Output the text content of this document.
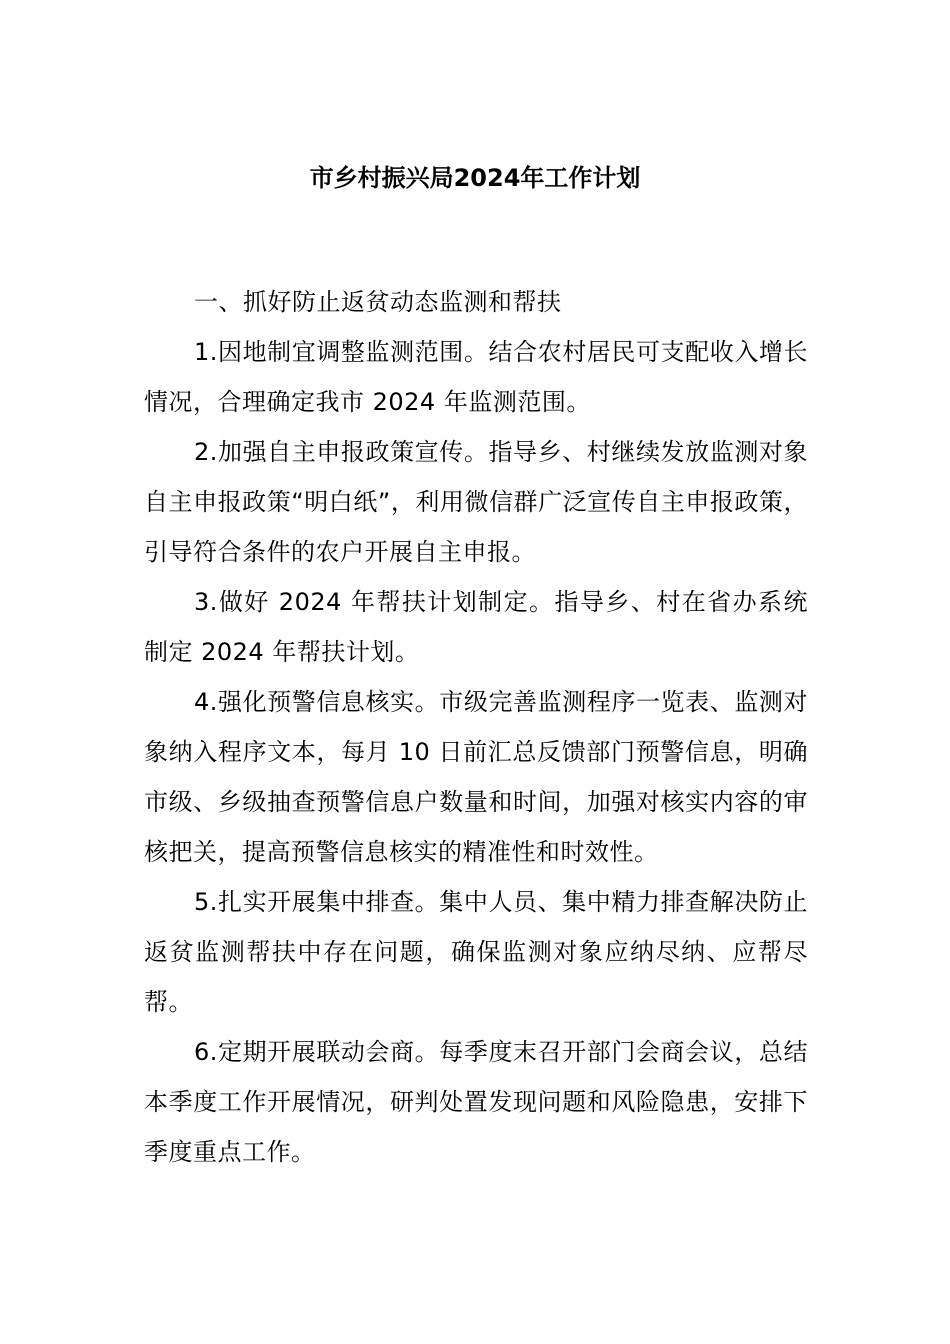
市乡村振兴局2024年工作计划

一、抓好防止返贫动态监测和帮扶

1.因地制宜调整监测范围。结合农村居民可支配收入增长情况，合理确定我市 2024 年监测范围。

2.加强自主申报政策宣传。指导乡、村继续发放监测对象自主申报政策“明白纸”，利用微信群广泛宣传自主申报政策，引导符合条件的农户开展自主申报。

3.做好 2024 年帮扶计划制定。指导乡、村在省办系统制定 2024 年帮扶计划。

4.强化预警信息核实。市级完善监测程序一览表、监测对象纳入程序文本，每月 10 日前汇总反馈部门预警信息，明确市级、乡级抽查预警信息户数量和时间，加强对核实内容的审核把关，提高预警信息核实的精准性和时效性。

5.扎实开展集中排查。集中人员、集中精力排查解决防止返贫监测帮扶中存在问题，确保监测对象应纳尽纳、应帮尽帮。

6.定期开展联动会商。每季度末召开部门会商会议，总结本季度工作开展情况，研判处置发现问题和风险隐患，安排下季度重点工作。
